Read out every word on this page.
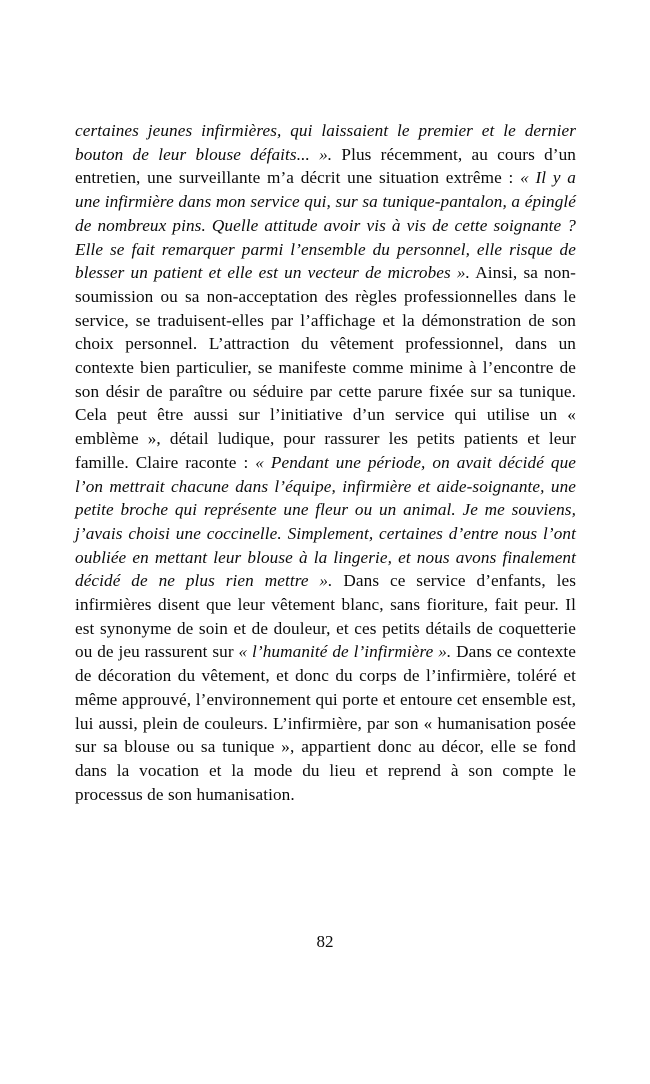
certaines jeunes infirmières, qui laissaient le premier et le dernier bouton de leur blouse défaits... ». Plus récemment, au cours d’un entretien, une surveillante m’a décrit une situation extrême : « Il y a une infirmière dans mon service qui, sur sa tunique-pantalon, a épinglé de nombreux pins. Quelle attitude avoir vis à vis de cette soignante ? Elle se fait remarquer parmi l’ensemble du personnel, elle risque de blesser un patient et elle est un vecteur de microbes ». Ainsi, sa non-soumission ou sa non-acceptation des règles professionnelles dans le service, se traduisent-elles par l’affichage et la démonstration de son choix personnel. L’attraction du vêtement professionnel, dans un contexte bien particulier, se manifeste comme minime à l’encontre de son désir de paraître ou séduire par cette parure fixée sur sa tunique. Cela peut être aussi sur l’initiative d’un service qui utilise un « emblème », détail ludique, pour rassurer les petits patients et leur famille. Claire raconte : « Pendant une période, on avait décidé que l’on mettrait chacune dans l’équipe, infirmière et aide-soignante, une petite broche qui représente une fleur ou un animal. Je me souviens, j’avais choisi une coccinelle. Simplement, certaines d’entre nous l’ont oubliée en mettant leur blouse à la lingerie, et nous avons finalement décidé de ne plus rien mettre ». Dans ce service d’enfants, les infirmières disent que leur vêtement blanc, sans fioriture, fait peur. Il est synonyme de soin et de douleur, et ces petits détails de coquetterie ou de jeu rassurent sur « l’humanité de l’infirmière ». Dans ce contexte de décoration du vêtement, et donc du corps de l’infirmière, toléré et même approuvé, l’environnement qui porte et entoure cet ensemble est, lui aussi, plein de couleurs. L’infirmière, par son « humanisation posée sur sa blouse ou sa tunique », appartient donc au décor, elle se fond dans la vocation et la mode du lieu et reprend à son compte le processus de son humanisation.
82
